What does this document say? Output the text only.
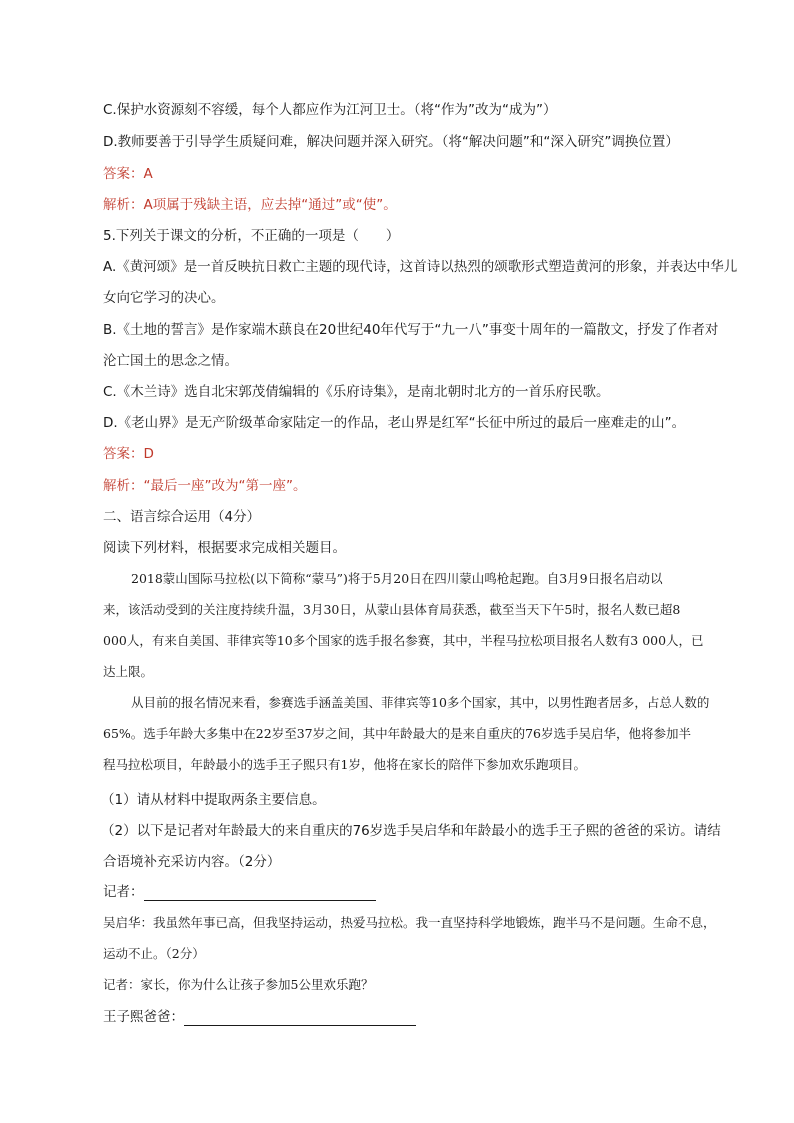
C.保护水资源刻不容缓，每个人都应作为江河卫士。（将“作为”改为“成为”）
D.教师要善于引导学生质疑问难，解决问题并深入研究。（将“解决问题”和“深入研究”调换位置）
答案：A
解析：A项属于残缺主语，应去掉“通过”或“使”。
5.下列关于课文的分析，不正确的一项是（　　）
A.《黄河颂》是一首反映抗日救亡主题的现代诗，这首诗以热烈的颂歌形式塑造黄河的形象，并表达中华儿
女向它学习的决心。
B.《土地的誓言》是作家端木蕻良在20世纪40年代写于“九一八”事变十周年的一篇散文，抒发了作者对
沦亡国土的思念之情。
C.《木兰诗》选自北宋郭茂倩编辑的《乐府诗集》，是南北朝时北方的一首乐府民歌。
D.《老山界》是无产阶级革命家陆定一的作品，老山界是红军“长征中所过的最后一座难走的山”。
答案：D
解析：“最后一座”改为“第一座”。
二、语言综合运用（4分）
阅读下列材料，根据要求完成相关题目。
2018蒙山国际马拉松(以下简称“蒙马”)将于5月20日在四川蒙山鸣枪起跑。自3月9日报名启动以
来，该活动受到的关注度持续升温，3月30日，从蒙山县体育局获悉，截至当天下午5时，报名人数已超8
000人，有来自美国、菲律宾等10多个国家的选手报名参赛，其中，半程马拉松项目报名人数有3 000人，已
达上限。
从目前的报名情况来看，参赛选手涵盖美国、菲律宾等10多个国家，其中，以男性跑者居多，占总人数的
65%。选手年龄大多集中在22岁至37岁之间，其中年龄最大的是来自重庆的76岁选手吴启华，他将参加半
程马拉松项目，年龄最小的选手王子熙只有1岁，他将在家长的陪伴下参加欢乐跑项目。
（1）请从材料中提取两条主要信息。
（2）以下是记者对年龄最大的来自重庆的76岁选手吴启华和年龄最小的选手王子熙的爸爸的采访。请结
合语境补充采访内容。（2分）
记者：
吴启华：我虽然年事已高，但我坚持运动，热爱马拉松。我一直坚持科学地锻炼，跑半马不是问题。生命不息，
运动不止。（2分）
记者：家长，你为什么让孩子参加5公里欢乐跑？
王子熙爸爸：
